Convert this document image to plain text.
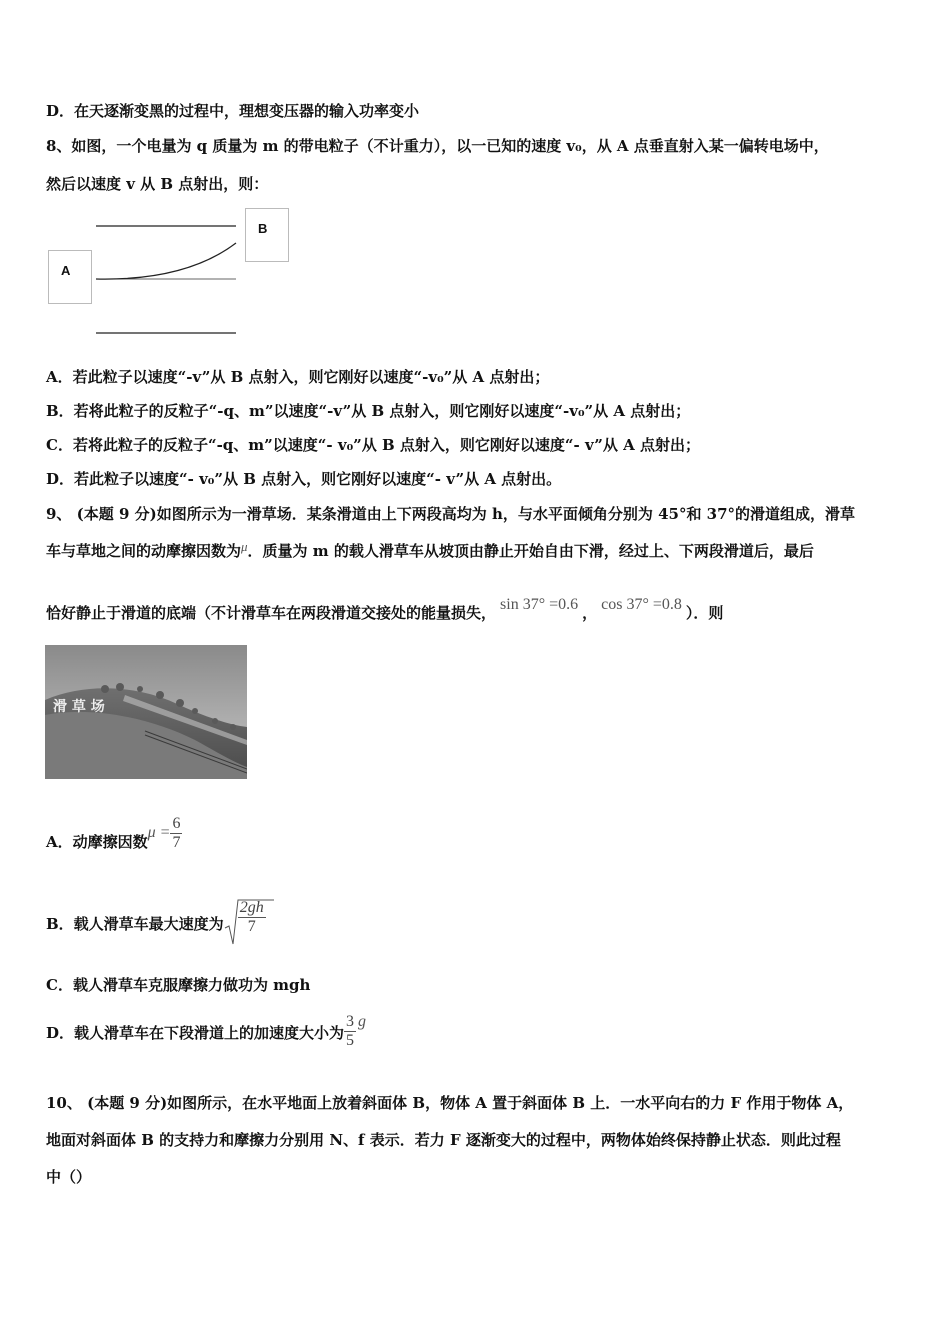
D．在天逐渐变黑的过程中，理想变压器的输入功率变小
8、如图，一个电量为 q 质量为 m 的带电粒子（不计重力），以一已知的速度 v₀，从 A 点垂直射入某一偏转电场中，
然后以速度 v 从 B 点射出，则：
A
B
A．若此粒子以速度“-v”从 B 点射入，则它刚好以速度“-v₀”从 A 点射出；
B．若将此粒子的反粒子“-q、m”以速度“-v”从 B 点射入，则它刚好以速度“-v₀”从 A 点射出；
C．若将此粒子的反粒子“-q、m”以速度“- v₀”从 B 点射入，则它刚好以速度“- v”从 A 点射出；
D．若此粒子以速度“- v₀”从 B 点射入，则它刚好以速度“- v”从 A 点射出。
9、 (本题 9 分)如图所示为一滑草场．某条滑道由上下两段高均为 h，与水平面倾角分别为 45°和 37°的滑道组成，滑草
车与草地之间的动摩擦因数为μ．质量为 m 的载人滑草车从坡顶由静止开始自由下滑，经过上、下两段滑道后，最后
恰好静止于滑道的底端（不计滑草车在两段滑道交接处的能量损失， sin 37° =0.6 ， cos 37° =0.8 ）．则
滑 草 场
A．动摩擦因数$\mu = \frac{6}{7}$
B．载人滑草车最大速度为 $\frac{2gh}{7}$
C．载人滑草车克服摩擦力做功为 mgh
D．载人滑草车在下段滑道上的加速度大小为 $\frac{3}{5}$ g
10、 (本题 9 分)如图所示，在水平地面上放着斜面体 B，物体 A 置于斜面体 B 上．一水平向右的力 F 作用于物体 A，
地面对斜面体 B 的支持力和摩擦力分别用 N、f 表示．若力 F 逐渐变大的过程中，两物体始终保持静止状态．则此过程
中（）
